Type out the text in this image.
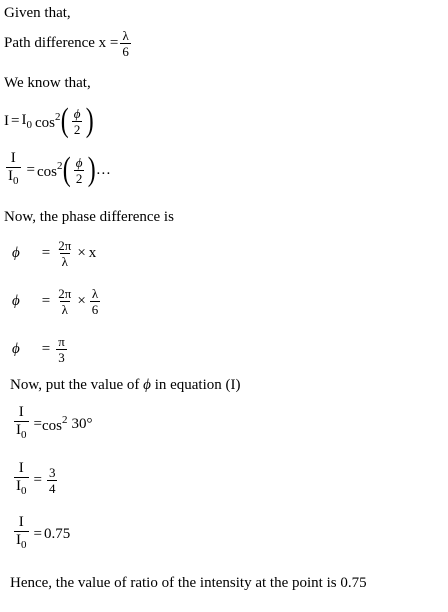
Given that,
Path difference $x = \frac{\lambda}{6}$
We know that,
$I = I_0$ $\cos^2$ ( $\frac{\phi}{2}$ )
$\frac{I}{I_0} = \cos^2$ ( $\frac{\phi}{2}$ ) …
Now, the phase difference is
$\phi = \frac{2\pi}{\lambda} \times x$
$\phi = \frac{2\pi}{\lambda} \times \frac{\lambda}{6}$
$\phi = \frac{\pi}{3}$
Now, put the value of ϕ in equation (I)
$\frac{I}{I_0} = \cos^2 30^\circ$
$\frac{I}{I_0} = \frac{3}{4}$
$\frac{I}{I_0} = 0.75$
Hence, the value of ratio of the intensity at the point is 0.75
